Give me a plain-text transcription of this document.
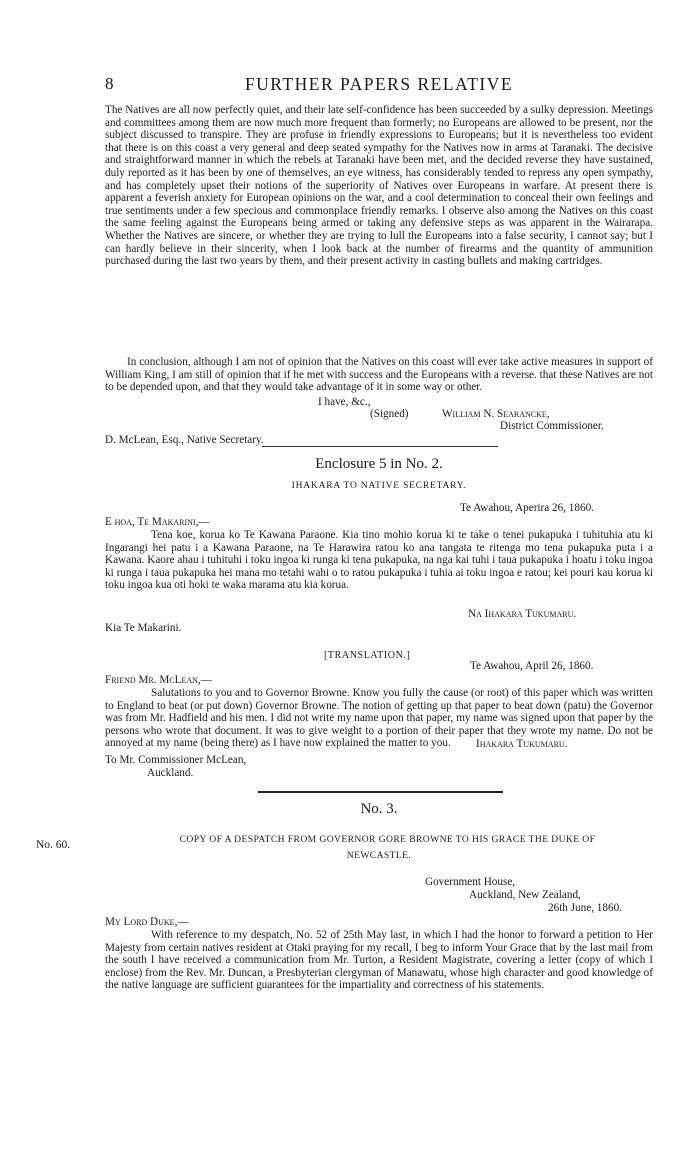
8	FURTHER PAPERS RELATIVE
The Natives are all now perfectly quiet, and their late self-confidence has been succeeded by a sulky depression. Meetings and committees among them are now much more frequent than formerly; no Europeans are allowed to be present, nor the subject discussed to transpire. They are profuse in friendly expressions to Europeans; but it is nevertheless too evident that there is on this coast a very general and deep seated sympathy for the Natives now in arms at Taranaki. The decisive and straightforward manner in which the rebels at Taranaki have been met, and the decided reverse they have sustained, duly reported as it has been by one of themselves, an eye witness, has considerably tended to repress any open sympathy, and has completely upset their notions of the superiority of Natives over Europeans in warfare. At present there is apparent a feverish anxiety for European opinions on the war, and a cool determination to conceal their own feelings and true sentiments under a few specious and commonplace friendly remarks. I observe also among the Natives on this coast the same feeling against the Europeans being armed or taking any defensive steps as was apparent in the Wairarapa. Whether the Natives are sincere, or whether they are trying to lull the Europeans into a false security, I cannot say; but I can hardly believe in their sincerity, when I look back at the number of firearms and the quantity of ammunition purchased during the last two years by them, and their present activity in casting bullets and making cartridges.
In conclusion, although I am not of opinion that the Natives on this coast will ever take active measures in support of William King, I am still of opinion that if he met with success and the Europeans with a reverse. that these Natives are not to be depended upon, and that they would take advantage of it in some way or other.
I have, &c.,
(Signed)	William N. Searancke,
District Commissioner.
D. McLean, Esq., Native Secretary.
Enclosure 5 in No. 2.
IHAKARA TO NATIVE SECRETARY.
Te Awahou, Aperira 26, 1860.
E hoa, Te Makarini,—
Tena koe, korua ko Te Kawana Paraone. Kia tino mohio korua ki te take o tenei pukapuka i tuhituhia atu ki Ingarangi hei patu i a Kawana Paraone, na Te Harawira ratou ko ana tangata te ritenga mo tena pukapuka puta i a Kawana. Kaore ahau i tuhituhi i toku ingoa ki runga ki tena pukapuka, na nga kai tuhi i taua pukapuka i hoatu i toku ingoa ki runga i taua pukapuka hei mana mo tetahi wahi o to ratou pukapuka i tuhia ai toku ingoa e ratou; kei pouri kau korua ki toku ingoa kua oti hoki te waka marama atu kia korua.
Na Ihakara Tukumaru.
Kia Te Makarini.
[TRANSLATION.]
Te Awahou, April 26, 1860.
Friend Mr. McLean,—
Salutations to you and to Governor Browne. Know you fully the cause (or root) of this paper which was written to England to beat (or put down) Governor Browne. The notion of getting up that paper to beat down (patu) the Governor was from Mr. Hadfield and his men. I did not write my name upon that paper, my name was signed upon that paper by the persons who wrote that document. It was to give weight to a portion of their paper that they wrote my name. Do not be annoyed at my name (being there) as I have now explained the matter to you.	Ihakara Tukumaru.
To Mr. Commissioner McLean,
Auckland.
No. 3.
No. 60.	COPY OF A DESPATCH FROM GOVERNOR GORE BROWNE TO HIS GRACE THE DUKE OF
NEWCASTLE.
Government House,
Auckland, New Zealand,
26th June, 1860.
My Lord Duke,—
With reference to my despatch, No. 52 of 25th May last, in which I had the honor to forward a petition to Her Majesty from certain natives resident at Otaki praying for my recall, I beg to inform Your Grace that by the last mail from the south I have received a communication from Mr. Turton, a Resident Magistrate, covering a letter (copy of which I enclose) from the Rev. Mr. Duncan, a Presbyterian clergyman of Manawatu, whose high character and good knowledge of the native language are sufficient guarantees for the impartiality and correctness of his statements.
